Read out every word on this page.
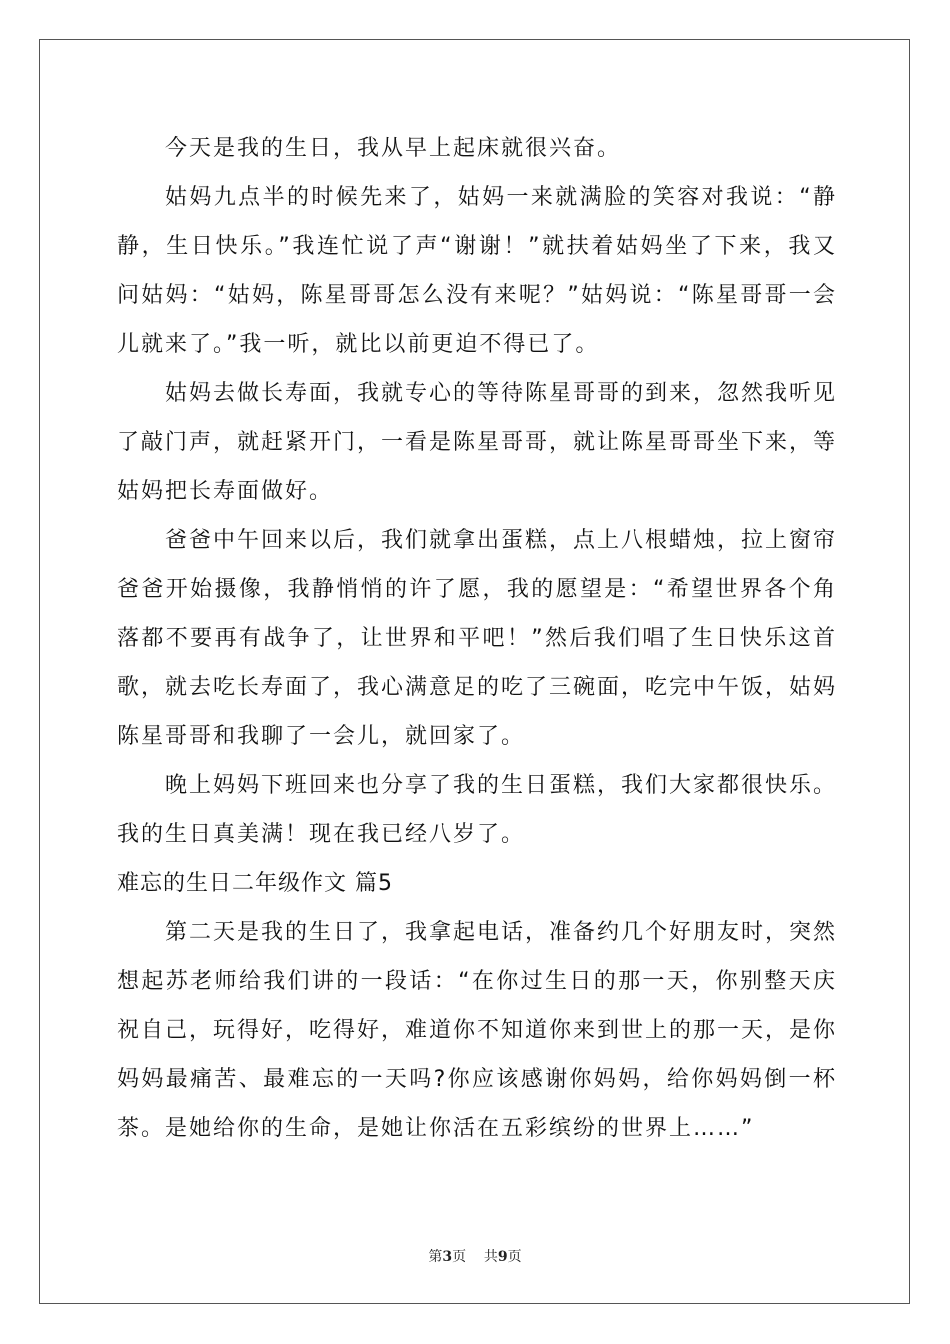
今天是我的生日，我从早上起床就很兴奋。

姑妈九点半的时候先来了，姑妈一来就满脸的笑容对我说：“静静，生日快乐。”我连忙说了声“谢谢！”就扶着姑妈坐了下来，我又问姑妈：“姑妈，陈星哥哥怎么没有来呢？”姑妈说：“陈星哥哥一会儿就来了。”我一听，就比以前更迫不得已了。

姑妈去做长寿面，我就专心的等待陈星哥哥的到来，忽然我听见了敲门声，就赶紧开门，一看是陈星哥哥，就让陈星哥哥坐下来，等姑妈把长寿面做好。

爸爸中午回来以后，我们就拿出蛋糕，点上八根蜡烛，拉上窗帘爸爸开始摄像，我静悄悄的许了愿，我的愿望是：“希望世界各个角落都不要再有战争了，让世界和平吧！”然后我们唱了生日快乐这首歌，就去吃长寿面了，我心满意足的吃了三碗面，吃完中午饭，姑妈陈星哥哥和我聊了一会儿，就回家了。

晚上妈妈下班回来也分享了我的生日蛋糕，我们大家都很快乐。我的生日真美满！现在我已经八岁了。

难忘的生日二年级作文 篇5

第二天是我的生日了，我拿起电话，准备约几个好朋友时，突然想起苏老师给我们讲的一段话：“在你过生日的那一天，你别整天庆祝自己，玩得好，吃得好，难道你不知道你来到世上的那一天，是你妈妈最痛苦、最难忘的一天吗?你应该感谢你妈妈，给你妈妈倒一杯茶。是她给你的生命，是她让你活在五彩缤纷的世界上……”

第3页 共9页
